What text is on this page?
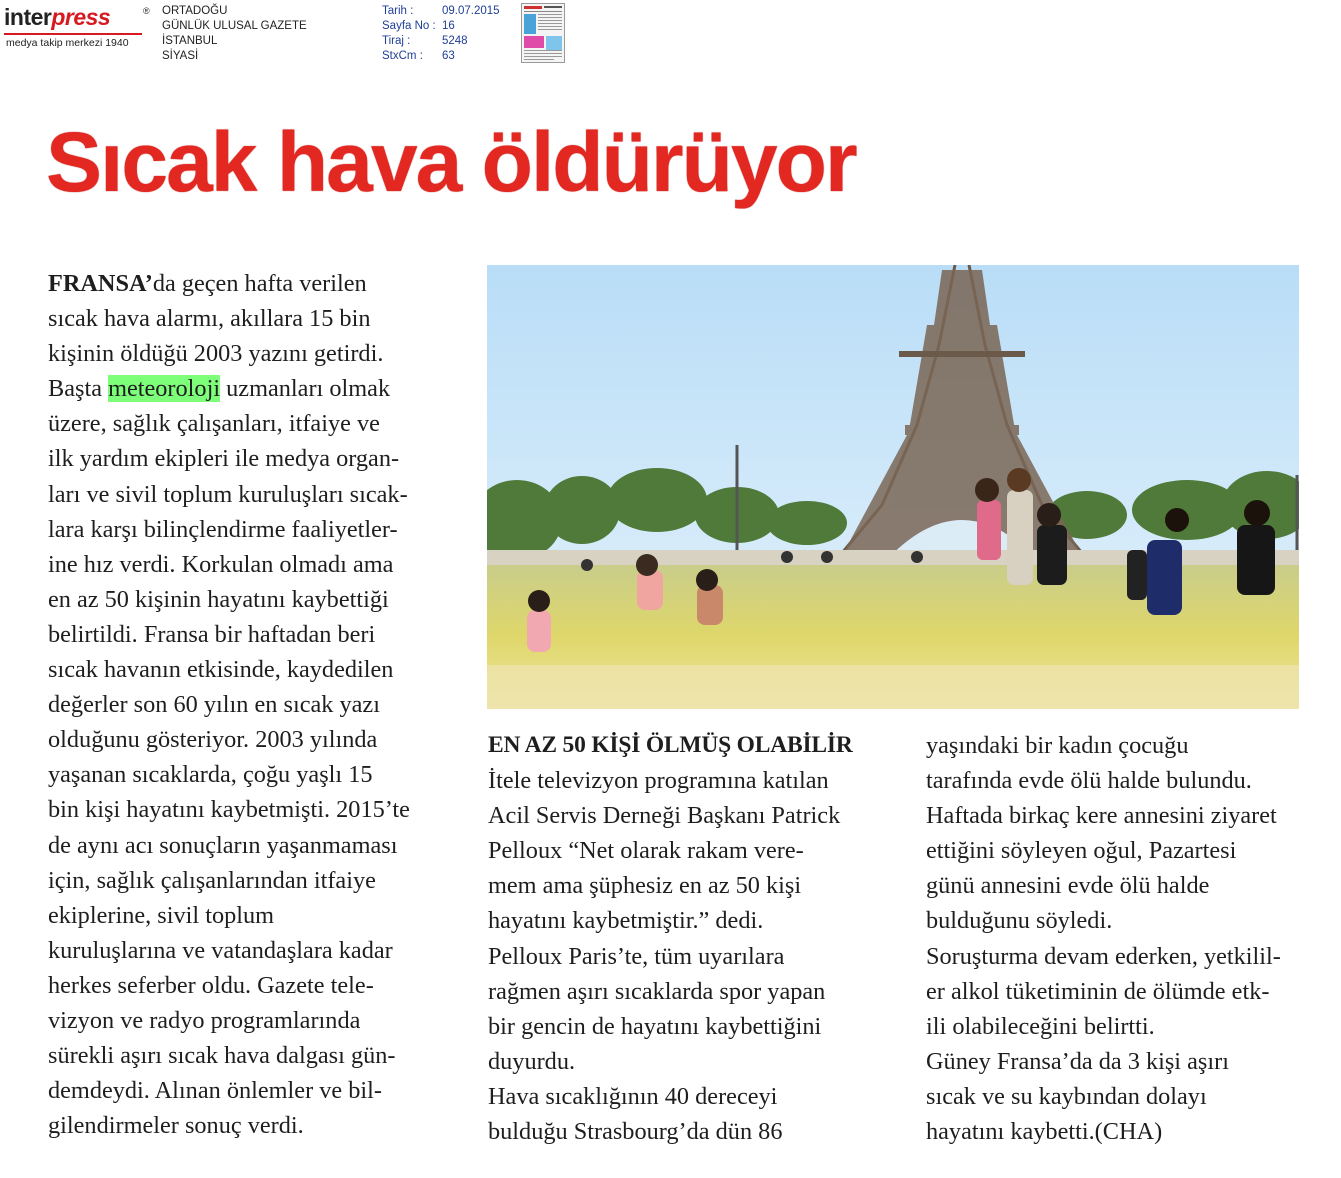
interpress	®
medya takip merkezi 1940
ORTADOĞU
GÜNLÜK ULUSAL GAZETE
İSTANBUL
SİYASİ
Tarih :	09.07.2015
Sayfa No : 16
Tiraj :	5248
StxCm :	63
Sıcak hava öldürüyor
FRANSA’da geçen hafta verilen
sıcak hava alarmı, akıllara 15 bin
kişinin öldüğü 2003 yazını getirdi.
Başta meteoroloji uzmanları olmak
üzere, sağlık çalışanları, itfaiye ve
ilk yardım ekipleri ile medya organ-
ları ve sivil toplum kuruluşları sıcak-
lara karşı bilinçlendirme faaliyetler-
ine hız verdi. Korkulan olmadı ama
en az 50 kişinin hayatını kaybettiği
belirtildi. Fransa bir haftadan beri
sıcak havanın etkisinde, kaydedilen
değerler son 60 yılın en sıcak yazı
olduğunu gösteriyor. 2003 yılında
yaşanan sıcaklarda, çoğu yaşlı 15
bin kişi hayatını kaybetmişti. 2015’te
de aynı acı sonuçların yaşanmaması
için, sağlık çalışanlarından itfaiye
ekiplerine, sivil toplum
kuruluşlarına ve vatandaşlara kadar
herkes seferber oldu. Gazete tele-
vizyon ve radyo programlarında
sürekli aşırı sıcak hava dalgası gün-
demdeydi. Alınan önlemler ve bil-
gilendirmeler sonuç verdi.
EN AZ 50 KİŞİ ÖLMÜŞ OLABİLİR
İtele televizyon programına katılan
Acil Servis Derneği Başkanı Patrick
Pelloux “Net olarak rakam vere-
mem ama şüphesiz en az 50 kişi
hayatını kaybetmiştir.” dedi.
Pelloux Paris’te, tüm uyarılara
rağmen aşırı sıcaklarda spor yapan
bir gencin de hayatını kaybettiğini
duyurdu.
Hava sıcaklığının 40 dereceyi
bulduğu Strasbourg’da dün 86
yaşındaki bir kadın çocuğu
tarafında evde ölü halde bulundu.
Haftada birkaç kere annesini ziyaret
ettiğini söyleyen oğul, Pazartesi
günü annesini evde ölü halde
bulduğunu söyledi.
Soruşturma devam ederken, yetkilil-
er alkol tüketiminin de ölümde etk-
ili olabileceğini belirtti.
Güney Fransa’da da 3 kişi aşırı
sıcak ve su kaybından dolayı
hayatını kaybetti.(CHA)
